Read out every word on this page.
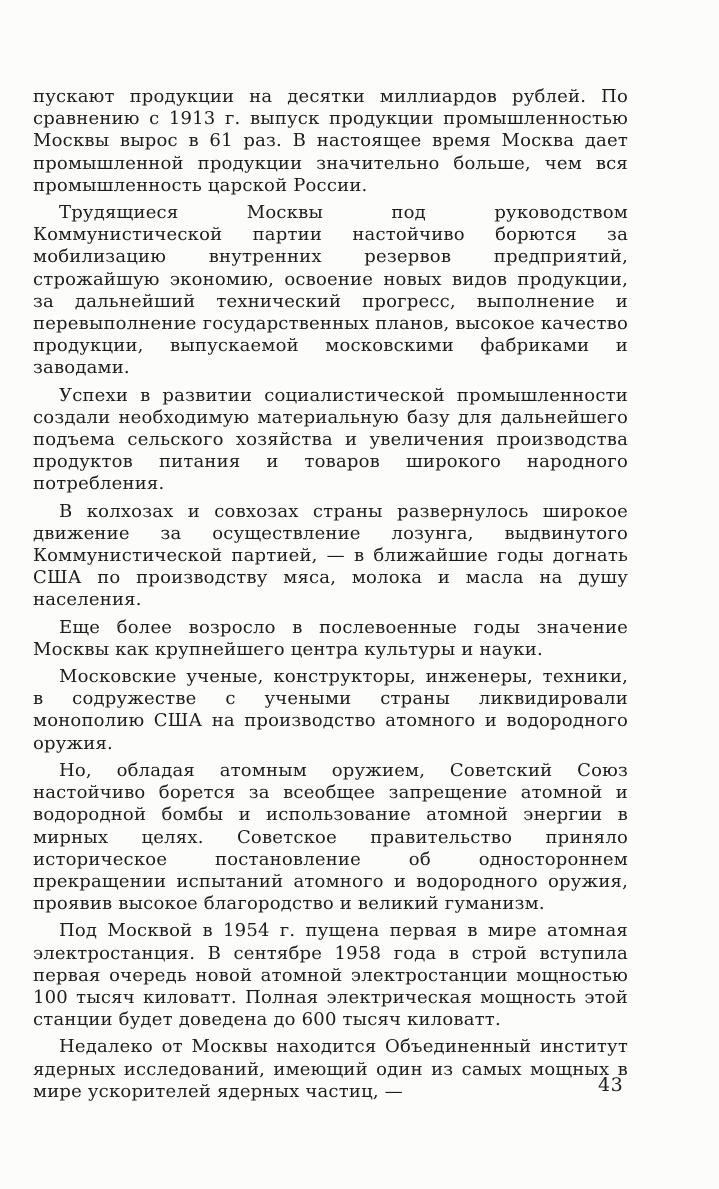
пускают продукции на десятки миллиардов рублей. По сравнению с 1913 г. выпуск продукции промышленностью Москвы вырос в 61 раз. В настоящее время Москва дает промышленной продукции значительно больше, чем вся промышленность царской России.

Трудящиеся Москвы под руководством Коммунистической партии настойчиво борются за мобилизацию внутренних резервов предприятий, строжайшую экономию, освоение новых видов продукции, за дальнейший технический прогресс, выполнение и перевыполнение государственных планов, высокое качество продукции, выпускаемой московскими фабриками и заводами.

Успехи в развитии социалистической промышленности создали необходимую материальную базу для дальнейшего подъема сельского хозяйства и увеличения производства продуктов питания и товаров широкого народного потребления.

В колхозах и совхозах страны развернулось широкое движение за осуществление лозунга, выдвинутого Коммунистической партией, — в ближайшие годы догнать США по производству мяса, молока и масла на душу населения.

Еще более возросло в послевоенные годы значение Москвы как крупнейшего центра культуры и науки.

Московские ученые, конструкторы, инженеры, техники, в содружестве с учеными страны ликвидировали монополию США на производство атомного и водородного оружия.

Но, обладая атомным оружием, Советский Союз настойчиво борется за всеобщее запрещение атомной и водородной бомбы и использование атомной энергии в мирных целях. Советское правительство приняло историческое постановление об одностороннем прекращении испытаний атомного и водородного оружия, проявив высокое благородство и великий гуманизм.

Под Москвой в 1954 г. пущена первая в мире атомная электростанция. В сентябре 1958 года в строй вступила первая очередь новой атомной электростанции мощностью 100 тысяч киловатт. Полная электрическая мощность этой станции будет доведена до 600 тысяч киловатт.

Недалеко от Москвы находится Объединенный институт ядерных исследований, имеющий один из самых мощных в мире ускорителей ядерных частиц, —	43
